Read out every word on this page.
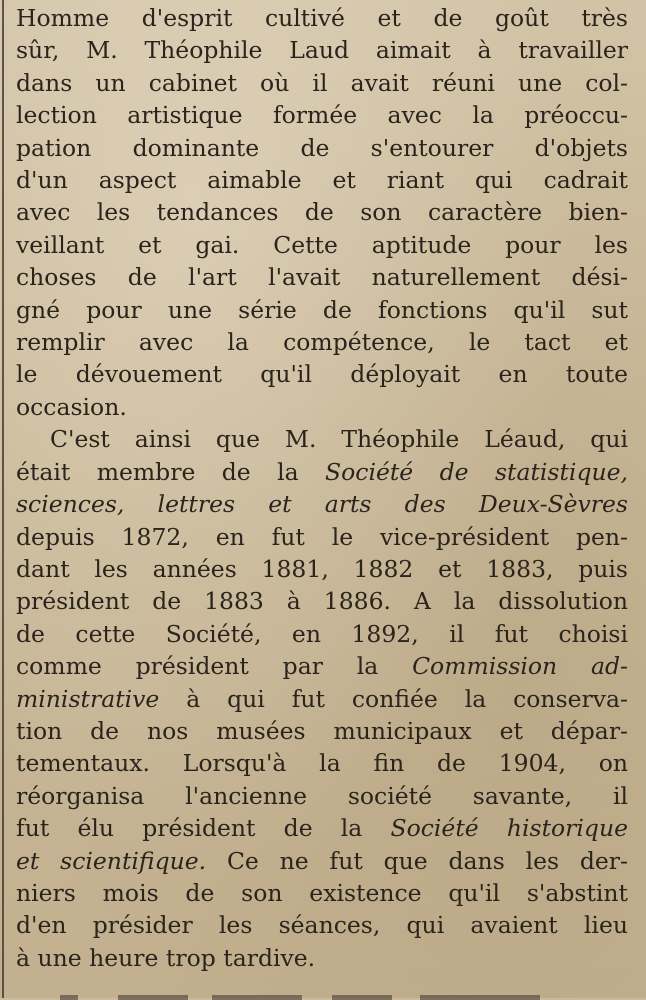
Homme d'esprit cultivé et de goût très
sûr, M. Théophile Laud aimait à travailler
dans un cabinet où il avait réuni une col-
lection artistique formée avec la préoccu-
pation dominante de s'entourer d'objets
d'un aspect aimable et riant qui cadrait
avec les tendances de son caractère bien-
veillant et gai. Cette aptitude pour les
choses de l'art l'avait naturellement dési-
gné pour une série de fonctions qu'il sut
remplir avec la compétence, le tact et
le dévouement qu'il déployait en toute
occasion.

C'est ainsi que M. Théophile Léaud, qui
était membre de la Société de statistique,
sciences, lettres et arts des Deux-Sèvres
depuis 1872, en fut le vice-président pen-
dant les années 1881, 1882 et 1883, puis
président de 1883 à 1886. A la dissolution
de cette Société, en 1892, il fut choisi
comme président par la Commission ad-
ministrative à qui fut confiée la conserva-
tion de nos musées municipaux et dépar-
tementaux. Lorsqu'à la fin de 1904, on
réorganisa l'ancienne société savante, il
fut élu président de la Société historique
et scientifique. Ce ne fut que dans les der-
niers mois de son existence qu'il s'abstint
d'en présider les séances, qui avaient lieu
à une heure trop tardive.
